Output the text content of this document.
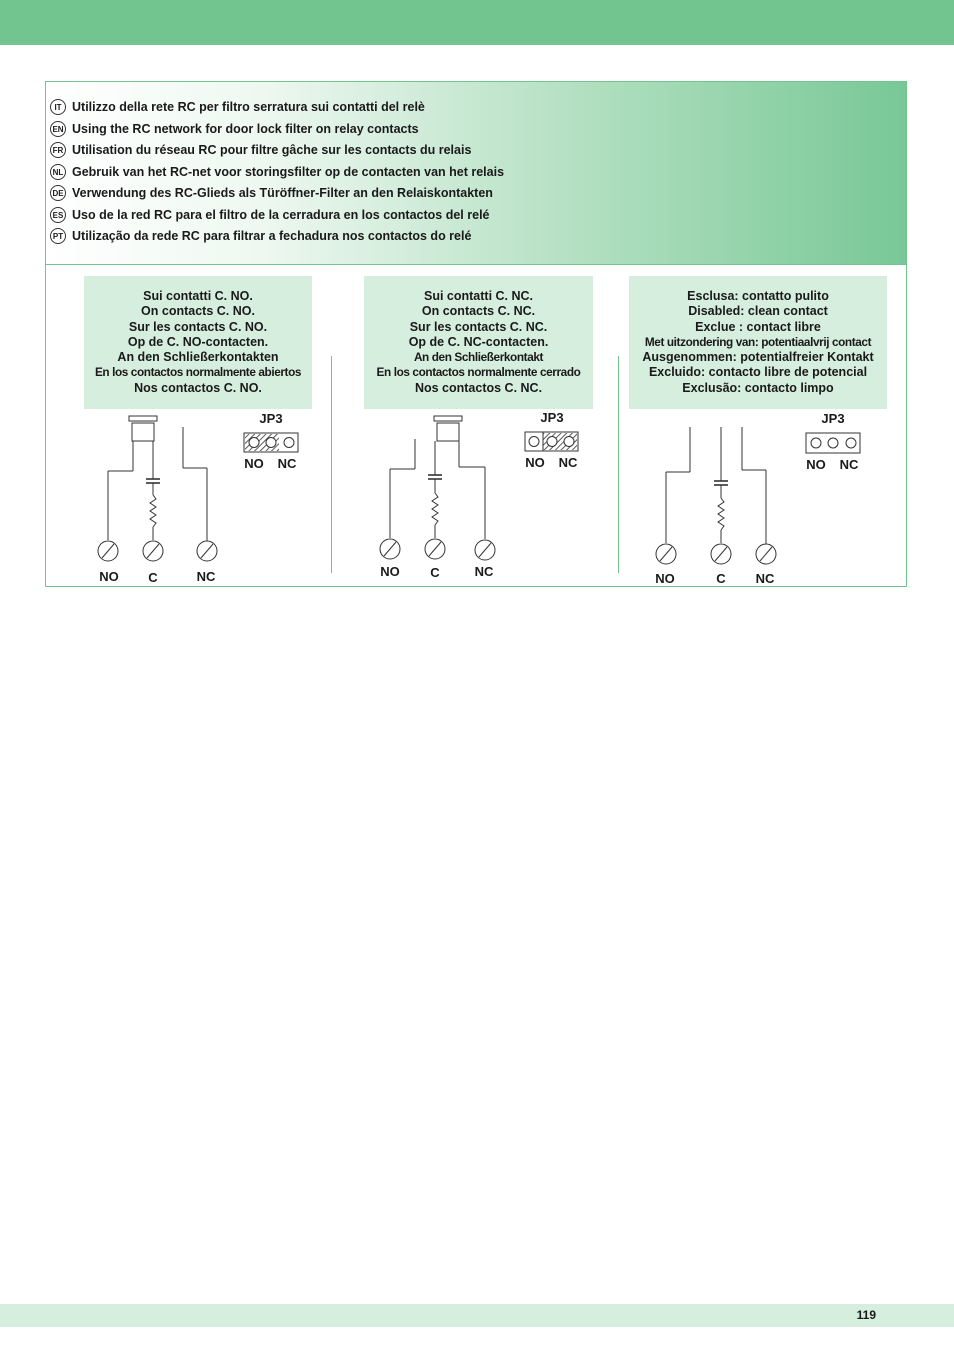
IT Utilizzo della rete RC per filtro serratura sui contatti del relè
EN Using the RC network for door lock filter on relay contacts
FR Utilisation du réseau RC pour filtre gâche sur les contacts du relais
NL Gebruik van het RC-net voor storingsfilter op de contacten van het relais
DE Verwendung des RC-Glieds als Türöffner-Filter an den Relaiskontakten
ES Uso de la red RC para el filtro de la cerradura en los contactos del relé
PT Utilização da rede RC para filtrar a fechadura nos contactos do relé
Sui contatti C. NO.
On contacts C. NO.
Sur les contacts C. NO.
Op de C. NO-contacten.
An den Schließerkontakten
En los contactos normalmente abiertos
Nos contactos C. NO.
Sui contatti C. NC.
On contacts C. NC.
Sur les contacts C. NC.
Op de C. NC-contacten.
An den Schließerkontakt
En los contactos normalmente cerrado
Nos contactos C. NC.
Esclusa: contatto pulito
Disabled: clean contact
Exclue : contact libre
Met uitzondering van: potentiaalvrij contact
Ausgenommen: potentialfreier Kontakt
Excluido: contacto libre de potencial
Exclusão: contacto limpo
JP3
NO NC
NO C	NC
JP3
NO NC
NO C	NC
JP3
NO NC
NO	C NC
119
